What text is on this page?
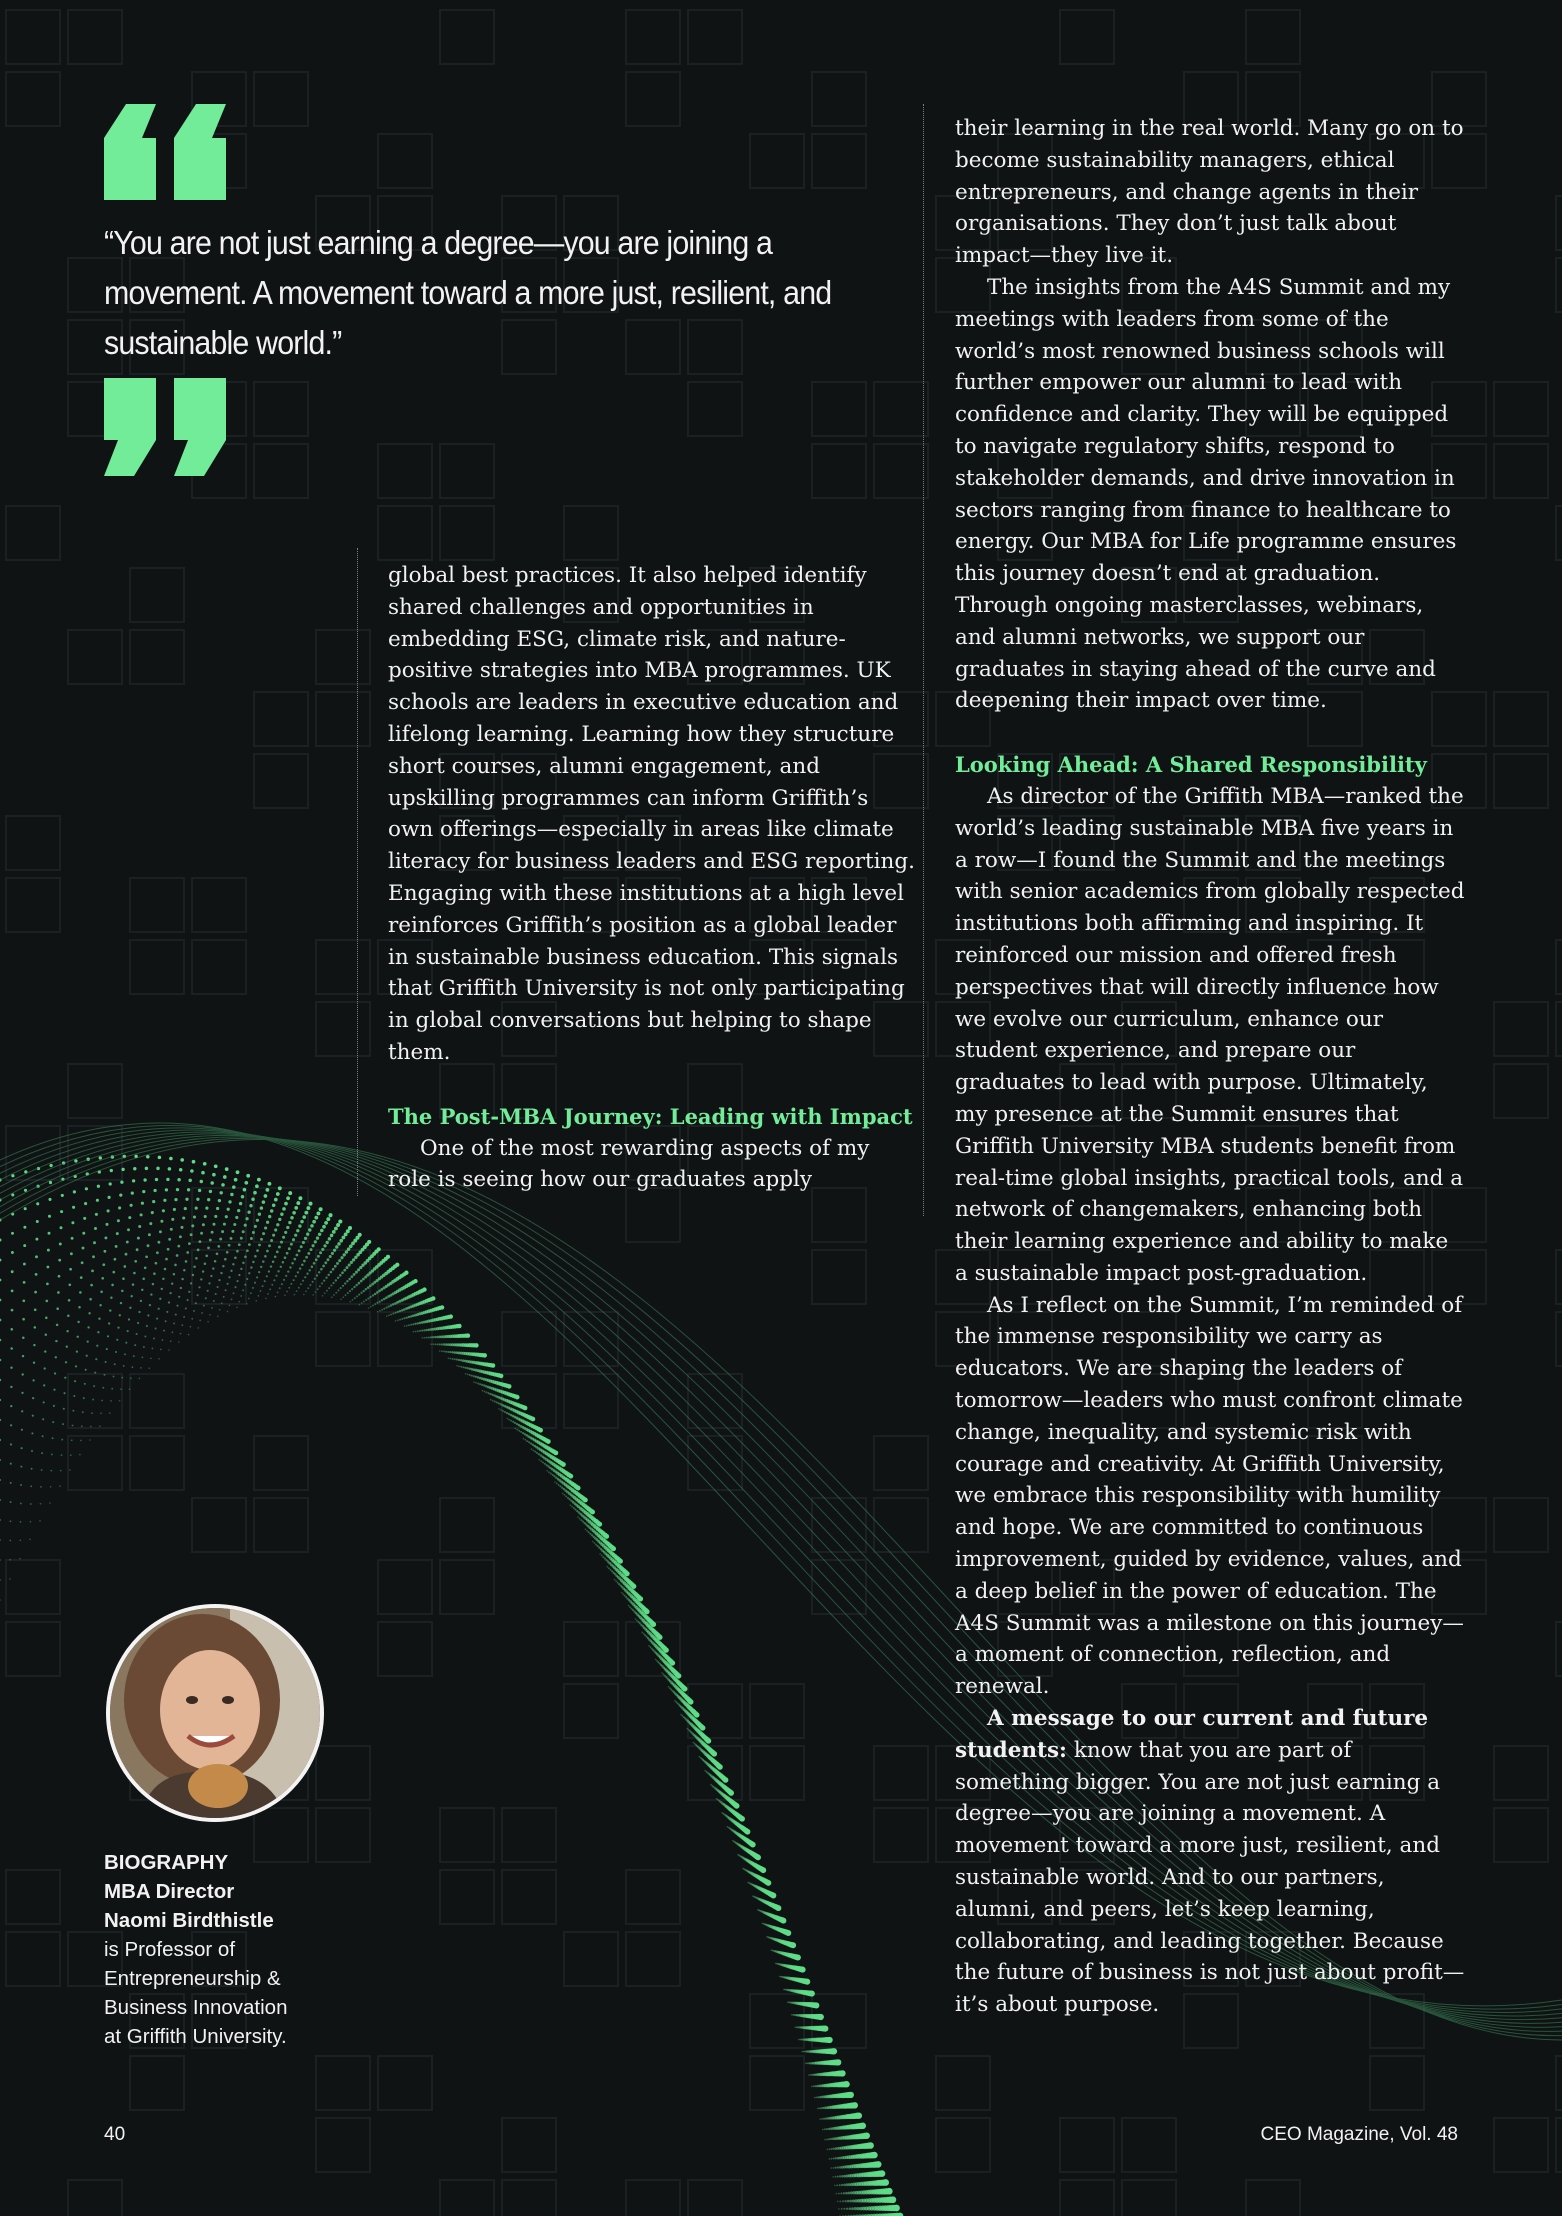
“You are not just earning a degree—you are joining a movement. A movement toward a more just, resilient, and sustainable world.”

global best practices. It also helped identify shared challenges and opportunities in embedding ESG, climate risk, and nature-positive strategies into MBA programmes. UK schools are leaders in executive education and lifelong learning. Learning how they structure short courses, alumni engagement, and upskilling programmes can inform Griffith’s own offerings—especially in areas like climate literacy for business leaders and ESG reporting. Engaging with these institutions at a high level reinforces Griffith’s position as a global leader in sustainable business education. This signals that Griffith University is not only participating in global conversations but helping to shape them.

The Post-MBA Journey: Leading with Impact

One of the most rewarding aspects of my role is seeing how our graduates apply

their learning in the real world. Many go on to become sustainability managers, ethical entrepreneurs, and change agents in their organisations. They don’t just talk about impact—they live it.

The insights from the A4S Summit and my meetings with leaders from some of the world’s most renowned business schools will further empower our alumni to lead with confidence and clarity. They will be equipped to navigate regulatory shifts, respond to stakeholder demands, and drive innovation in sectors ranging from finance to healthcare to energy. Our MBA for Life programme ensures this journey doesn’t end at graduation. Through ongoing masterclasses, webinars, and alumni networks, we support our graduates in staying ahead of the curve and deepening their impact over time.

Looking Ahead: A Shared Responsibility

As director of the Griffith MBA—ranked the world’s leading sustainable MBA five years in a row—I found the Summit and the meetings with senior academics from globally respected institutions both affirming and inspiring. It reinforced our mission and offered fresh perspectives that will directly influence how we evolve our curriculum, enhance our student experience, and prepare our graduates to lead with purpose. Ultimately, my presence at the Summit ensures that Griffith University MBA students benefit from real-time global insights, practical tools, and a network of changemakers, enhancing both their learning experience and ability to make a sustainable impact post-graduation.

As I reflect on the Summit, I’m reminded of the immense responsibility we carry as educators. We are shaping the leaders of tomorrow—leaders who must confront climate change, inequality, and systemic risk with courage and creativity. At Griffith University, we embrace this responsibility with humility and hope. We are committed to continuous improvement, guided by evidence, values, and a deep belief in the power of education. The A4S Summit was a milestone on this journey—a moment of connection, reflection, and renewal.

A message to our current and future students: know that you are part of something bigger. You are not just earning a degree—you are joining a movement. A movement toward a more just, resilient, and sustainable world. And to our partners, alumni, and peers, let’s keep learning, collaborating, and leading together. Because the future of business is not just about profit—it’s about purpose.

BIOGRAPHY
MBA Director
Naomi Birdthistle
is Professor of
Entrepreneurship &
Business Innovation
at Griffith University.
40	CEO Magazine, Vol. 48
